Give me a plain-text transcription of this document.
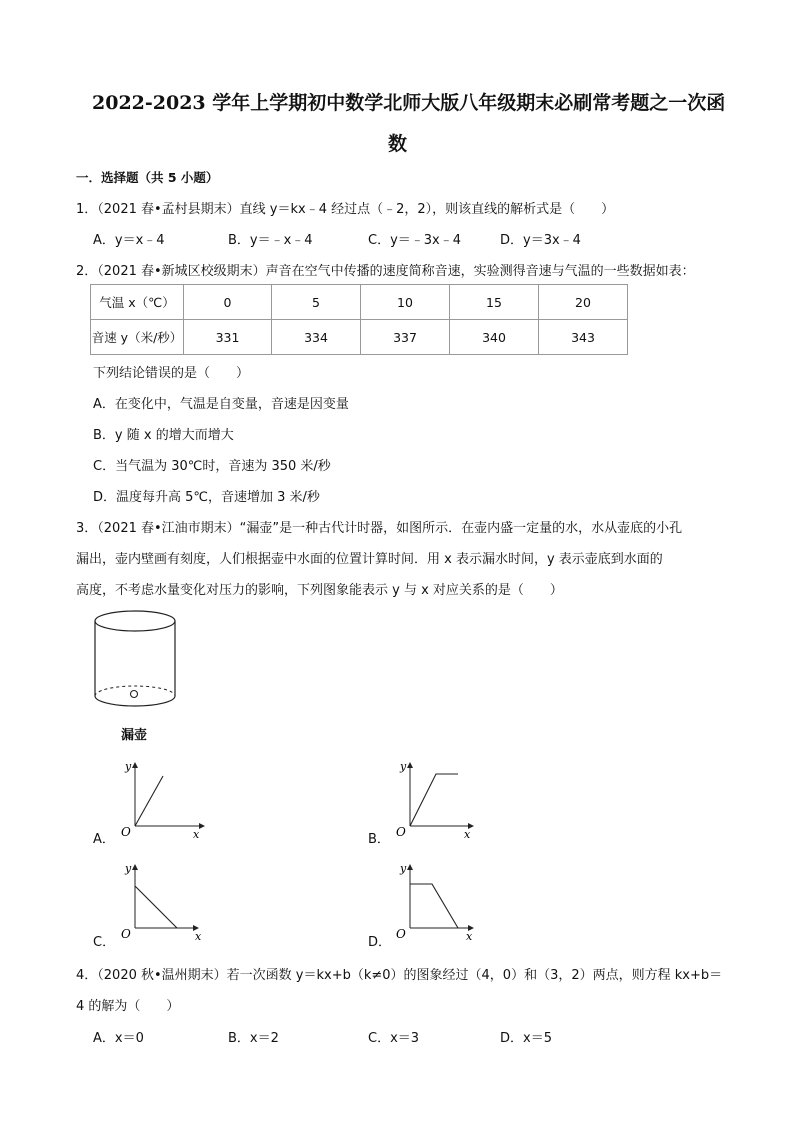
2022-2023 学年上学期初中数学北师大版八年级期末必刷常考题之一次函
数
一．选择题（共 5 小题）
1．（2021 春•孟村县期末）直线 y＝kx﹣4 经过点（﹣2，2），则该直线的解析式是（　　）
A．y＝x﹣4	B．y＝﹣x﹣4	C．y＝﹣3x﹣4	D．y＝3x﹣4
2．（2021 春•新城区校级期末）声音在空气中传播的速度简称音速，实验测得音速与气温的一些数据如表：
气温 x（℃）	0	5	10	15	20
音速 y（米/秒）	331	334	337	340	343
下列结论错误的是（　　）
A．在变化中，气温是自变量，音速是因变量
B．y 随 x 的增大而增大
C．当气温为 30℃时，音速为 350 米/秒
D．温度每升高 5℃，音速增加 3 米/秒
3．（2021 春•江油市期末）“漏壶”是一种古代计时器，如图所示．在壶内盛一定量的水，水从壶底的小孔
漏出，壶内壁画有刻度，人们根据壶中水面的位置计算时间．用 x 表示漏水时间，y 表示壶底到水面的
高度，不考虑水量变化对压力的影响，下列图象能表示 y 与 x 对应关系的是（　　）
漏壶
A．
y
O	x	B．
y
O	x
C．
y
O	x	D．
y
O	x
4．（2020 秋•温州期末）若一次函数 y＝kx+b（k≠0）的图象经过（4，0）和（3，2）两点，则方程 kx+b＝
4 的解为（　　）
A．x＝0	B．x＝2	C．x＝3	D．x＝5
